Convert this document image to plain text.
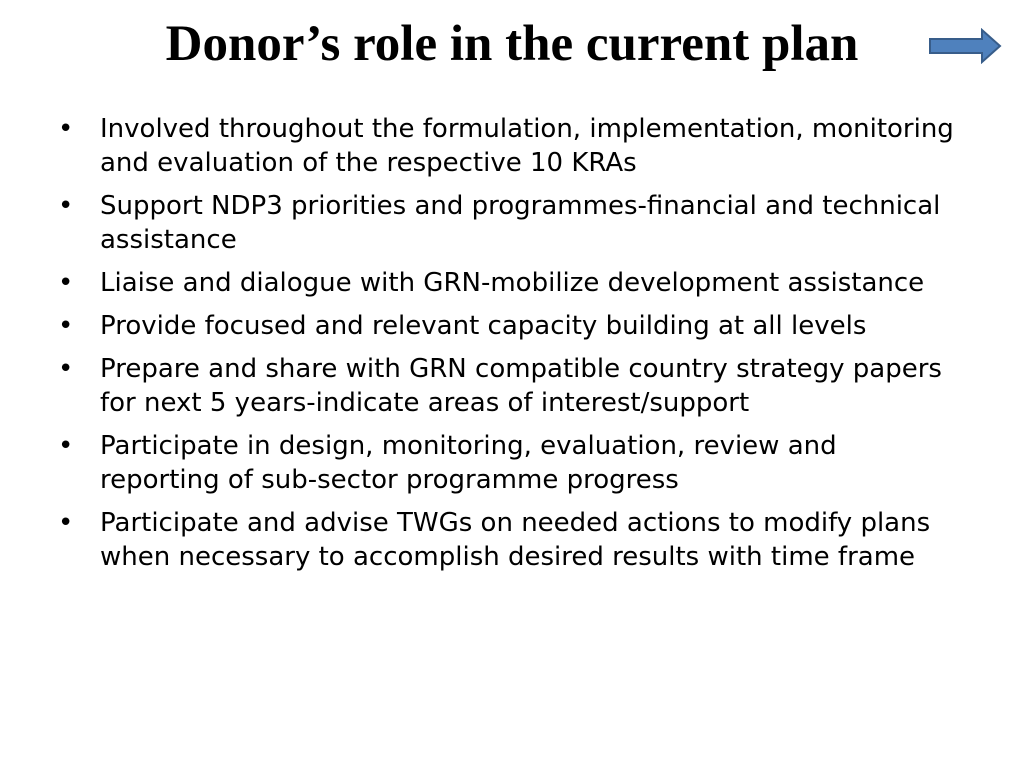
Donor’s role in the current plan
• Involved throughout the formulation, implementation, monitoring and evaluation of the respective 10 KRAs
• Support NDP3 priorities and programmes-financial and technical assistance
• Liaise and dialogue with GRN-mobilize development assistance
• Provide focused and relevant capacity building at all levels
• Prepare and share with GRN compatible country strategy papers for next 5 years-indicate areas of interest/support
• Participate in design, monitoring, evaluation, review and reporting of sub-sector programme progress
• Participate and advise TWGs on needed actions to modify plans when necessary to accomplish desired results with time frame
